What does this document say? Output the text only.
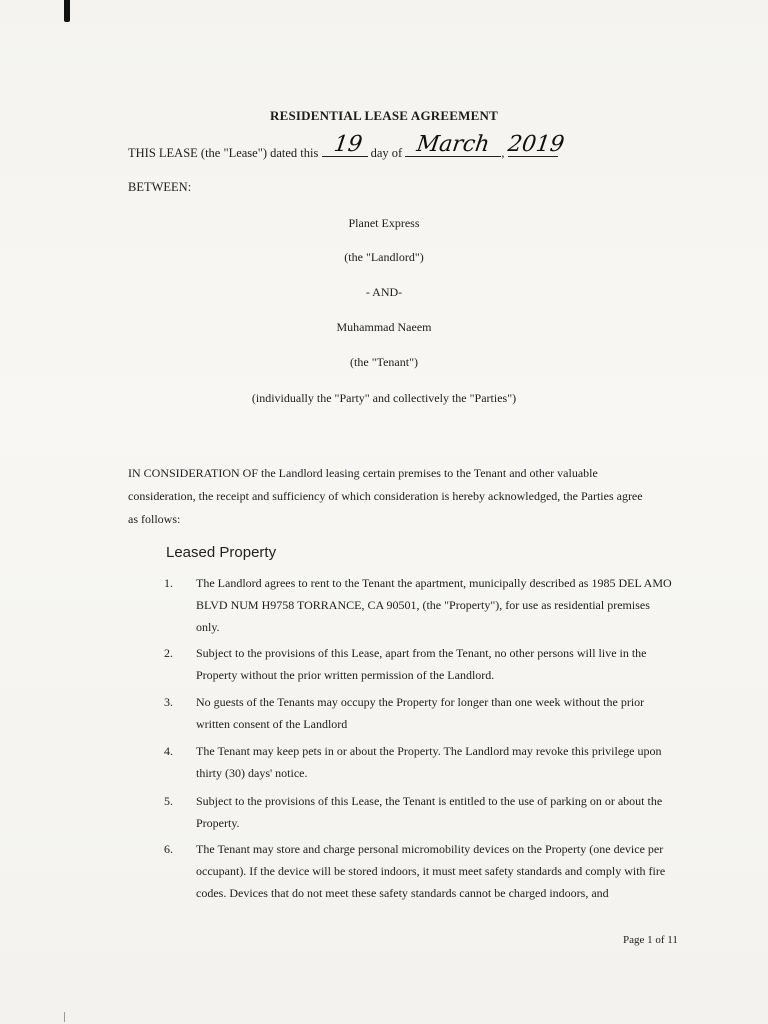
RESIDENTIAL LEASE AGREEMENT
THIS LEASE (the "Lease") dated this 19 day of March , 2019
BETWEEN:
Planet Express
(the "Landlord")
- AND-
Muhammad Naeem
(the "Tenant")
(individually the "Party" and collectively the "Parties")
IN CONSIDERATION OF the Landlord leasing certain premises to the Tenant and other valuable consideration, the receipt and sufficiency of which consideration is hereby acknowledged, the Parties agree as follows:
Leased Property
1.	The Landlord agrees to rent to the Tenant the apartment, municipally described as 1985 DEL AMO BLVD NUM H9758 TORRANCE, CA 90501, (the "Property"), for use as residential premises only.
2.	Subject to the provisions of this Lease, apart from the Tenant, no other persons will live in the Property without the prior written permission of the Landlord.
3.	No guests of the Tenants may occupy the Property for longer than one week without the prior written consent of the Landlord
4.	The Tenant may keep pets in or about the Property. The Landlord may revoke this privilege upon thirty (30) days' notice.
5.	Subject to the provisions of this Lease, the Tenant is entitled to the use of parking on or about the Property.
6.	The Tenant may store and charge personal micromobility devices on the Property (one device per occupant). If the device will be stored indoors, it must meet safety standards and comply with fire codes. Devices that do not meet these safety standards cannot be charged indoors, and
Page 1 of 11
